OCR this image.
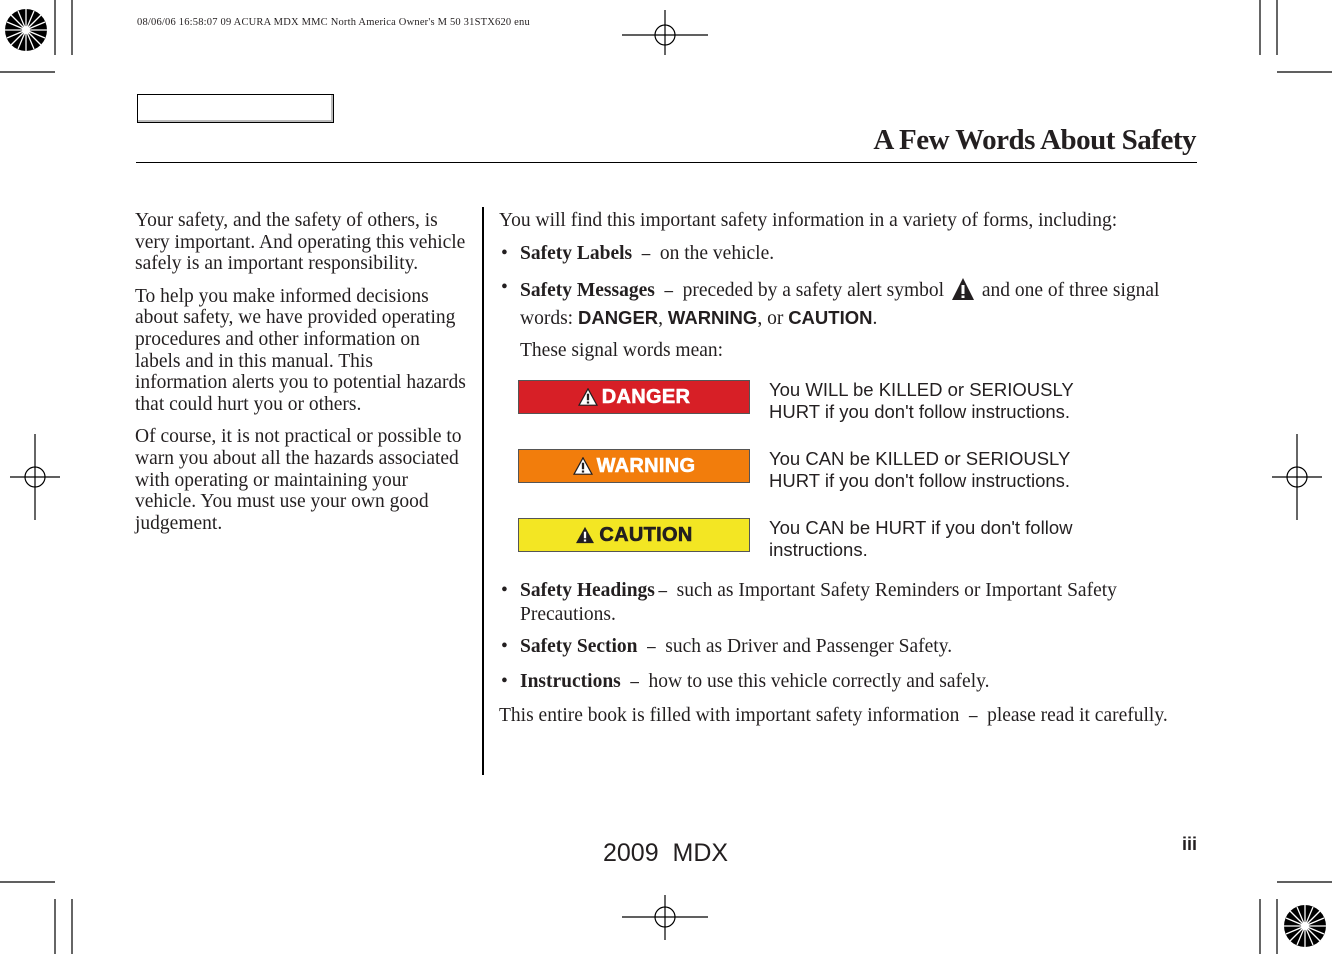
08/06/06 16:58:07 09 ACURA MDX MMC North America Owner's M 50 31STX620 enu
A Few Words About Safety

Your safety, and the safety of others, is very important. And operating this vehicle safely is an important responsibility.

To help you make informed decisions about safety, we have provided operating procedures and other information on labels and in this manual. This information alerts you to potential hazards that could hurt you or others.

Of course, it is not practical or possible to warn you about all the hazards associated with operating or maintaining your vehicle. You must use your own good judgement.

You will find this important safety information in a variety of forms, including:

• Safety Labels − on the vehicle.

• Safety Messages − preceded by a safety alert symbol and one of three signal words: DANGER, WARNING, or CAUTION.

These signal words mean:

DANGER	You WILL be KILLED or SERIOUSLY HURT if you don't follow instructions.
WARNING	You CAN be KILLED or SERIOUSLY HURT if you don't follow instructions.
CAUTION	You CAN be HURT if you don't follow instructions.

• Safety Headings − such as Important Safety Reminders or Important Safety Precautions.

• Safety Section − such as Driver and Passenger Safety.

• Instructions − how to use this vehicle correctly and safely.

This entire book is filled with important safety information − please read it carefully.

iii
2009  MDX
